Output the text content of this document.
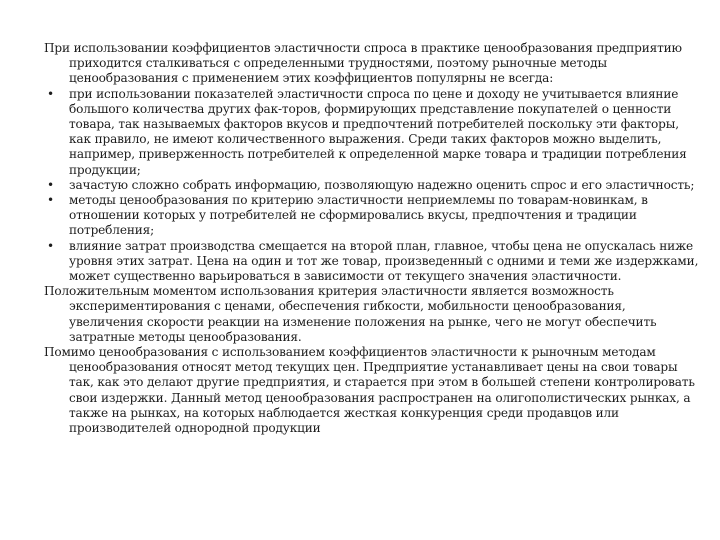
При использовании коэффициентов эластичности спроса в практике ценообразования предприятию приходится сталкиваться с определенными трудностями, поэтому рыночные методы ценообразования с применением этих коэффициентов популярны не всегда:

• при использовании показателей эластичности спроса по цене и доходу не учитывается влияние большого количества других фак-торов, формирующих представление покупателей о ценности товара, так называемых факторов вкусов и предпочтений потребителей поскольку эти факторы, как правило, не имеют количественного выражения. Среди таких факторов можно выделить, например, приверженность потребителей к определенной марке товара и традиции потребления продукции;
• зачастую сложно собрать информацию, позволяющую надежно оценить спрос и его эластичность;
• методы ценообразования по критерию эластичности неприемлемы по товарам-новинкам, в отношении которых у потребителей не сформировались вкусы, предпочтения и традиции потребления;
• влияние затрат производства смещается на второй план, главное, чтобы цена не опускалась ниже уровня этих затрат. Цена на один и тот же товар, произведенный с одними и теми же издержками, может существенно варьироваться в зависимости от текущего значения эластичности.

Положительным моментом использования критерия эластичности является возможность экспериментирования с ценами, обеспечения гибкости, мобильности ценообразования, увеличения скорости реакции на изменение положения на рынке, чего не могут обеспечить затратные методы ценообразования.

Помимо ценообразования с использованием коэффициентов эластичности к рыночным методам ценообразования относят метод текущих цен. Предприятие устанавливает цены на свои товары так, как это делают другие предприятия, и старается при этом в большей степени контролировать свои издержки. Данный метод ценообразования распространен на олигополистических рынках, а также на рынках, на которых наблюдается жесткая конкуренция среди продавцов или производителей однородной продукции
